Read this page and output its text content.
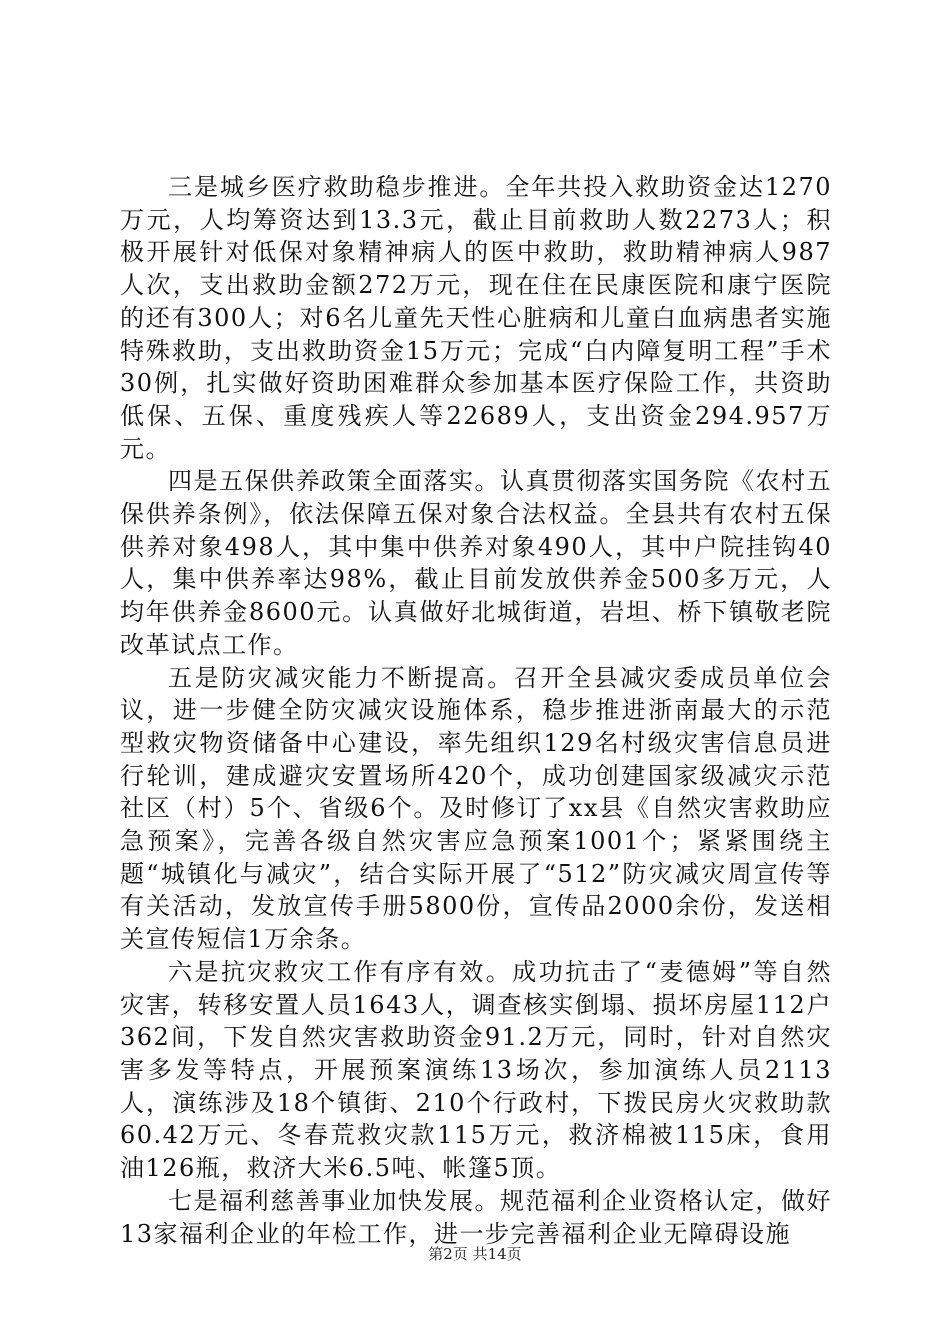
三是城乡医疗救助稳步推进。全年共投入救助资金达1270万元，人均筹资达到13.3元，截止目前救助人数2273人；积极开展针对低保对象精神病人的医中救助，救助精神病人987人次，支出救助金额272万元，现在住在民康医院和康宁医院的还有300人；对6名儿童先天性心脏病和儿童白血病患者实施特殊救助，支出救助资金15万元；完成“白内障复明工程”手术30例，扎实做好资助困难群众参加基本医疗保险工作，共资助低保、五保、重度残疾人等22689人，支出资金294.957万元。

四是五保供养政策全面落实。认真贯彻落实国务院《农村五保供养条例》，依法保障五保对象合法权益。全县共有农村五保供养对象498人，其中集中供养对象490人，其中户院挂钩40人，集中供养率达98%，截止目前发放供养金500多万元，人均年供养金8600元。认真做好北城街道，岩坦、桥下镇敬老院改革试点工作。

五是防灾减灾能力不断提高。召开全县减灾委成员单位会议，进一步健全防灾减灾设施体系，稳步推进浙南最大的示范型救灾物资储备中心建设，率先组织129名村级灾害信息员进行轮训，建成避灾安置场所420个，成功创建国家级减灾示范社区（村）5个、省级6个。及时修订了xx县《自然灾害救助应急预案》，完善各级自然灾害应急预案1001个；紧紧围绕主题“城镇化与减灾”，结合实际开展了“512”防灾减灾周宣传等有关活动，发放宣传手册5800份，宣传品2000余份，发送相关宣传短信1万余条。

六是抗灾救灾工作有序有效。成功抗击了“麦德姆”等自然灾害，转移安置人员1643人，调查核实倒塌、损坏房屋112户362间，下发自然灾害救助资金91.2万元，同时，针对自然灾害多发等特点，开展预案演练13场次，参加演练人员2113人，演练涉及18个镇街、210个行政村，下拨民房火灾救助款60.42万元、冬春荒救灾款115万元，救济棉被115床，食用油126瓶，救济大米6.5吨、帐篷5顶。

七是福利慈善事业加快发展。规范福利企业资格认定，做好13家福利企业的年检工作，进一步完善福利企业无障碍设施

第2页 共14页
